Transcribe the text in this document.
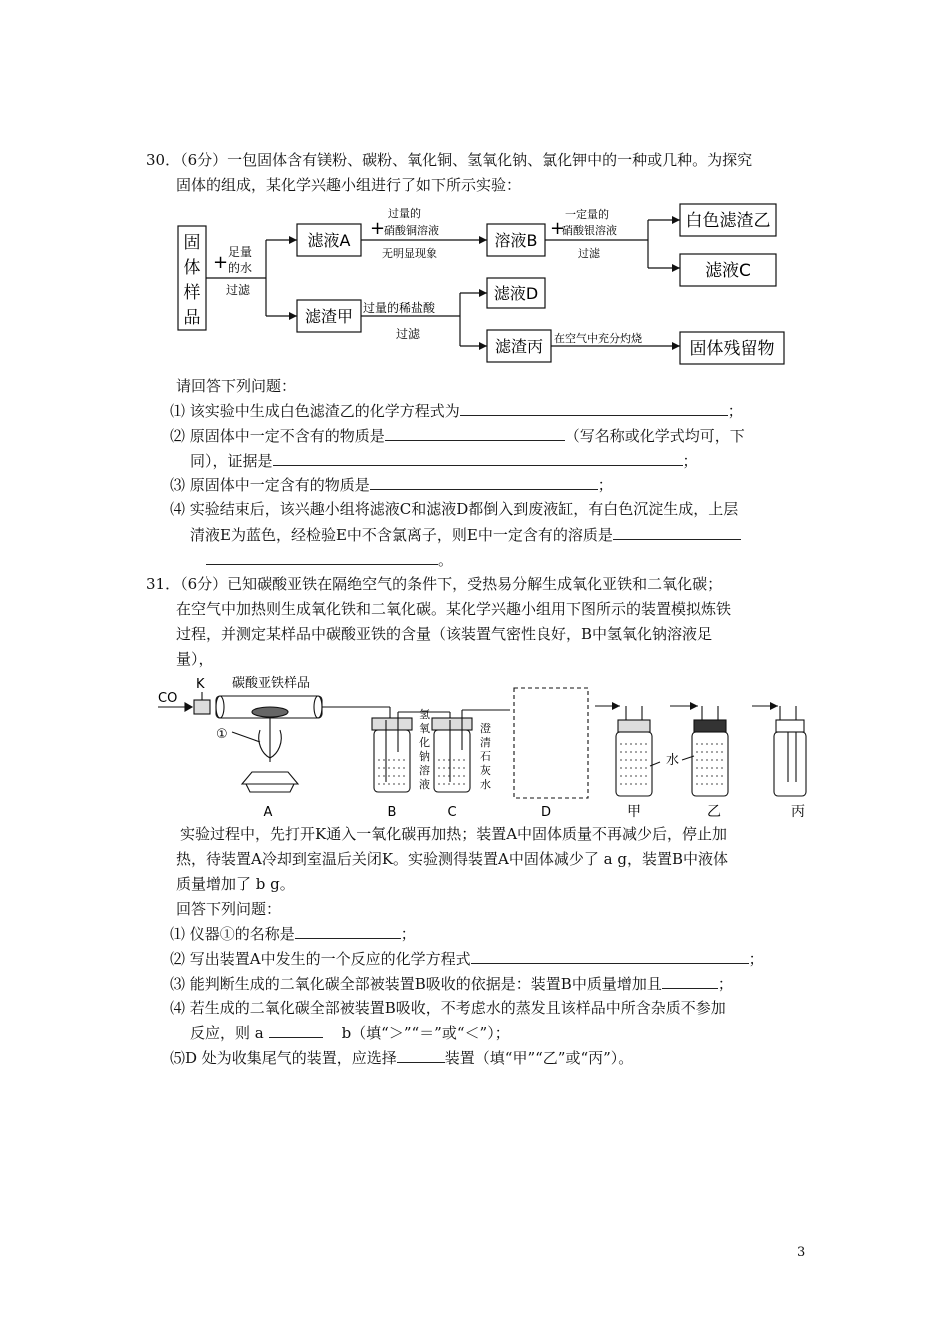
30．（6分）一包固体含有镁粉、碳粉、氧化铜、氢氧化钠、氯化钾中的一种或几种。为探究
固体的组成，某化学兴趣小组进行了如下所示实验：
固
体
样
品
+ 足量
的水
过滤
滤液A	溶液B
白色滤渣乙
滤液C
滤渣甲
滤液D
滤渣丙	固体残留物
+
过量的
硝酸铜溶液
无明显现象
+
一定量的
硝酸银溶液
过滤
过量的稀盐酸
过滤	在空气中充分灼烧
请回答下列问题：
⑴ 该实验中生成白色滤渣乙的化学方程式为	；
⑵ 原固体中一定不含有的物质是	（写名称或化学式均可，下
同），证据是	；
⑶ 原固体中一定含有的物质是	；
⑷ 实验结束后，该兴趣小组将滤液C和滤液D都倒入到废液缸，有白色沉淀生成，上层
清液E为蓝色，经检验E中不含氯离子，则E中一定含有的溶质是
。
31．（6分）已知碳酸亚铁在隔绝空气的条件下，受热易分解生成氧化亚铁和二氧化碳；
在空气中加热则生成氧化铁和二氧化碳。某化学兴趣小组用下图所示的装置模拟炼铁
过程，并测定某样品中碳酸亚铁的含量（该装置气密性良好，B中氢氧化钠溶液足
量），
CO
K 碳酸亚铁样品
①
氢
氧
化
钠
溶
液
澄
清
石
灰
水
水
A	B	C	D	甲	乙	丙
实验过程中，先打开K通入一氧化碳再加热；装置A中固体质量不再减少后，停止加
热，待装置A冷却到室温后关闭K。实验测得装置A中固体减少了 a g，装置B中液体
质量增加了 b g。
回答下列问题：
⑴ 仪器①的名称是	；
⑵ 写出装置A中发生的一个反应的化学方程式	；
⑶ 能判断生成的二氧化碳全部被装置B吸收的依据是：装置B中质量增加且	；
⑷ 若生成的二氧化碳全部被装置B吸收，不考虑水的蒸发且该样品中所含杂质不参加
反应，则 a	b（填“＞”“＝”或“＜”）；
⑸D 处为收集尾气的装置，应选择	装置（填“甲”“乙”或“丙”）。
3
